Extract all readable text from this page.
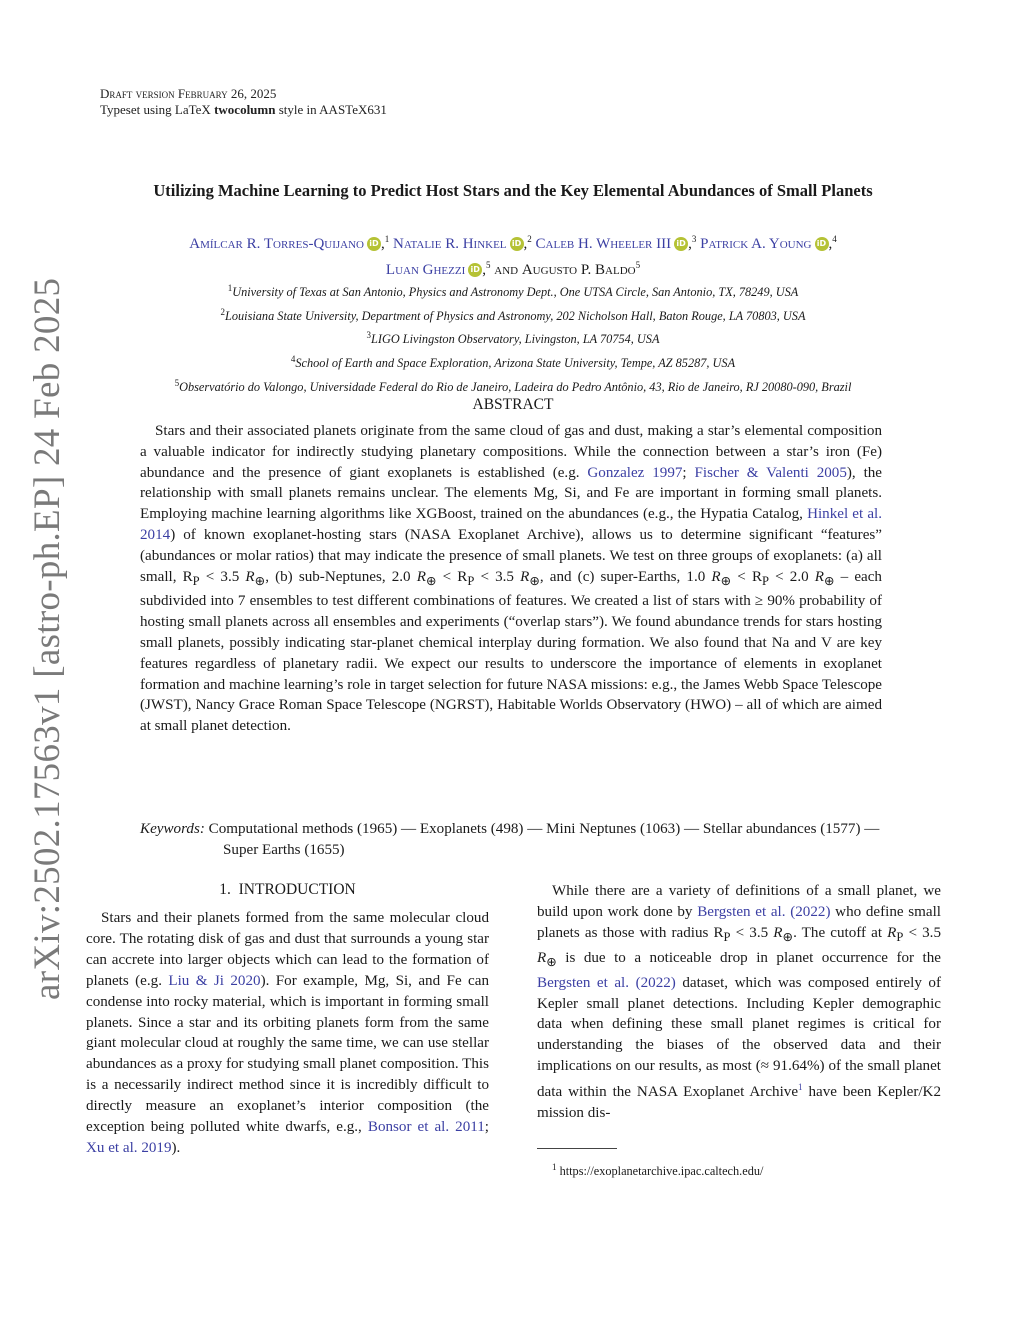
Draft version February 26, 2025
Typeset using LaTeX twocolumn style in AASTeX631
arXiv:2502.17563v1 [astro-ph.EP] 24 Feb 2025
Utilizing Machine Learning to Predict Host Stars and the Key Elemental Abundances of Small Planets
Amílcar R. Torres-Quijano iD ,$^1$ Natalie R. Hinkel iD ,$^2$ Caleb H. Wheeler III iD ,$^3$ Patrick A. Young iD ,$^4$
Luan Ghezzi iD ,$^5$ and Augusto P. Baldo$^5$
$^1$University of Texas at San Antonio, Physics and Astronomy Dept., One UTSA Circle, San Antonio, TX, 78249, USA
$^2$Louisiana State University, Department of Physics and Astronomy, 202 Nicholson Hall, Baton Rouge, LA 70803, USA
$^3$LIGO Livingston Observatory, Livingston, LA 70754, USA
$^4$School of Earth and Space Exploration, Arizona State University, Tempe, AZ 85287, USA
$^5$Observatório do Valongo, Universidade Federal do Rio de Janeiro, Ladeira do Pedro Antônio, 43, Rio de Janeiro, RJ 20080-090, Brazil
ABSTRACT

Stars and their associated planets originate from the same cloud of gas and dust, making a star’s elemental composition a valuable indicator for indirectly studying planetary compositions. While the connection between a star’s iron (Fe) abundance and the presence of giant exoplanets is established (e.g. Gonzalez 1997; Fischer & Valenti 2005), the relationship with small planets remains unclear. The elements Mg, Si, and Fe are important in forming small planets. Employing machine learning algorithms like XGBoost, trained on the abundances (e.g., the Hypatia Catalog, Hinkel et al. 2014) of known exoplanet-hosting stars (NASA Exoplanet Archive), allows us to determine significant “features” (abundances or molar ratios) that may indicate the presence of small planets. We test on three groups of exoplanets: (a) all small, $R_P < 3.5$ $R_\oplus$, (b) sub-Neptunes, 2.0 $R_\oplus < R_P < 3.5$ $R_\oplus$, and (c) super-Earths, 1.0 $R_\oplus < R_P < 2.0$ $R_\oplus$ – each subdivided into 7 ensembles to test different combinations of features. We created a list of stars with ≥ 90% probability of hosting small planets across all ensembles and experiments (“overlap stars”). We found abundance trends for stars hosting small planets, possibly indicating star-planet chemical interplay during formation. We also found that Na and V are key features regardless of planetary radii. We expect our results to underscore the importance of elements in exoplanet formation and machine learning’s role in target selection for future NASA missions: e.g., the James Webb Space Telescope (JWST), Nancy Grace Roman Space Telescope (NGRST), Habitable Worlds Observatory (HWO) – all of which are aimed at small planet detection.

Keywords: Computational methods (1965) — Exoplanets (498) — Mini Neptunes (1063) — Stellar abundances (1577) — Super Earths (1655)
1. INTRODUCTION

Stars and their planets formed from the same molecular cloud core. The rotating disk of gas and dust that surrounds a young star can accrete into larger objects which can lead to the formation of planets (e.g. Liu & Ji 2020). For example, Mg, Si, and Fe can condense into rocky material, which is important in forming small planets. Since a star and its orbiting planets form from the same giant molecular cloud at roughly the same time, we can use stellar abundances as a proxy for studying small planet composition. This is a necessarily indirect method since it is incredibly difficult to directly measure an exoplanet’s interior composition (the exception being polluted white dwarfs, e.g., Bonsor et al. 2011; Xu et al. 2019).

While there are a variety of definitions of a small planet, we build upon work done by Bergsten et al. (2022) who define small planets as those with radius $R_P < 3.5$ $R_\oplus$. The cutoff at $R_P < 3.5$ $R_\oplus$ is due to a noticeable drop in planet occurrence for the Bergsten et al. (2022) dataset, which was composed entirely of Kepler small planet detections. Including Kepler demographic data when defining these small planet regimes is critical for understanding the biases of the observed data and their implications on our results, as most (≈ 91.64%) of the small planet data within the NASA Exoplanet Archive$^1$ have been Kepler/K2 mission dis-

$^1$ https://exoplanetarchive.ipac.caltech.edu/
